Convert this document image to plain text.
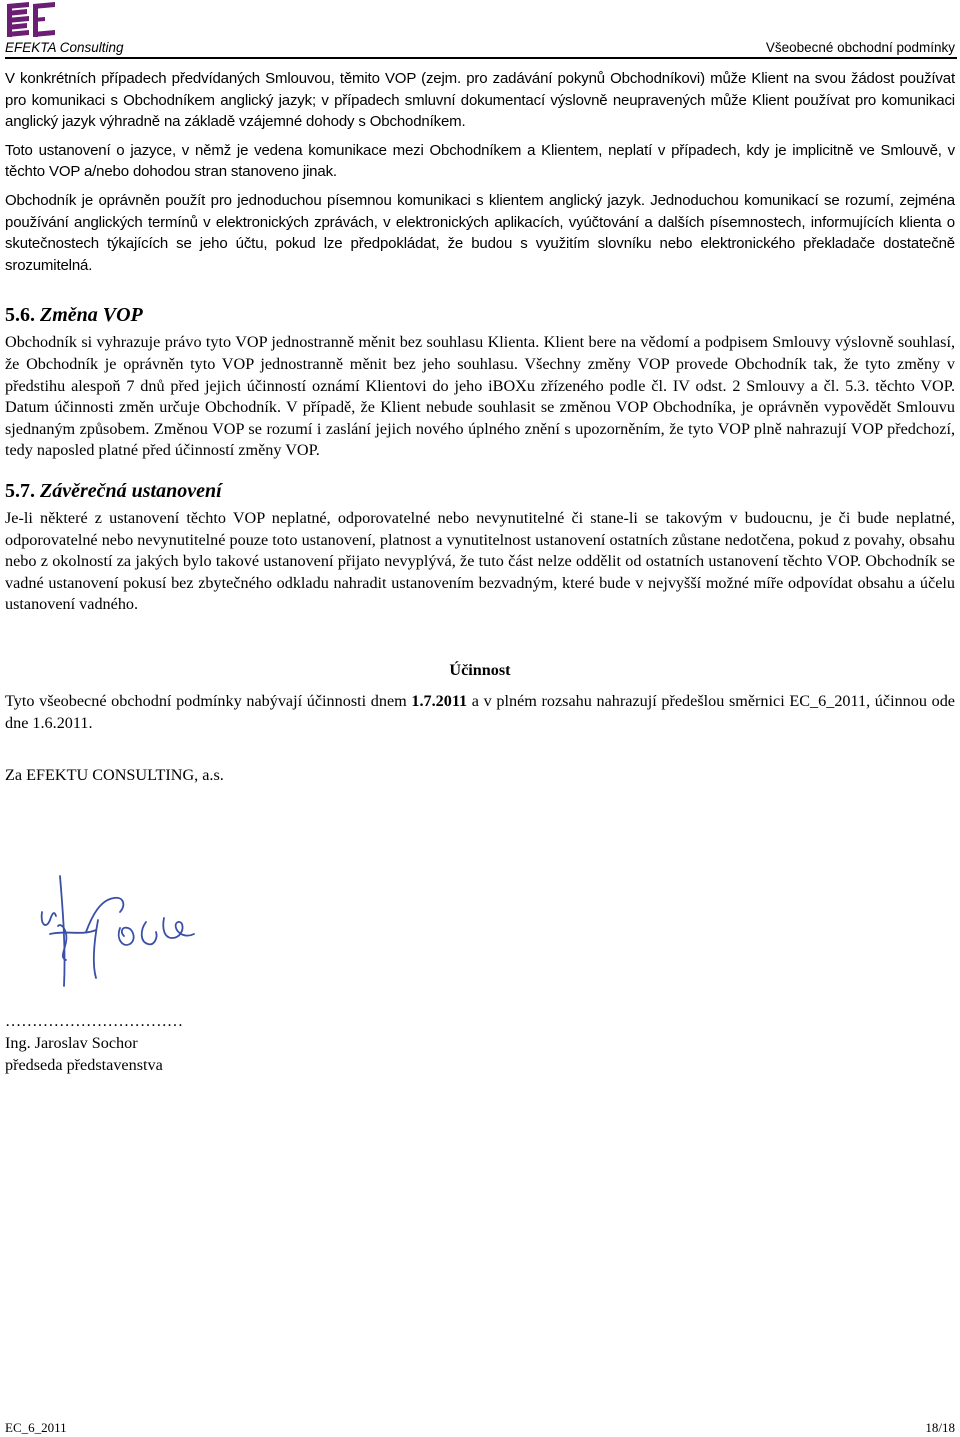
EFEKTA Consulting	Všeobecné obchodní podmínky

V konkrétních případech předvídaných Smlouvou, těmito VOP (zejm. pro zadávání pokynů Obchodníkovi) může Klient na svou žádost používat pro komunikaci s Obchodníkem anglický jazyk; v případech smluvní dokumentací výslovně neupravených může Klient používat pro komunikaci anglický jazyk výhradně na základě vzájemné dohody s Obchodníkem.

Toto ustanovení o jazyce, v němž je vedena komunikace mezi Obchodníkem a Klientem, neplatí v případech, kdy je implicitně ve Smlouvě, v těchto VOP a/nebo dohodou stran stanoveno jinak.

Obchodník je oprávněn použít pro jednoduchou písemnou komunikaci s klientem anglický jazyk. Jednoduchou komunikací se rozumí, zejména používání anglických termínů v elektronických zprávách, v elektronických aplikacích, vyúčtování a dalších písemnostech, informujících klienta o skutečnostech týkajících se jeho účtu, pokud lze předpokládat, že budou s využitím slovníku nebo elektronického překladače dostatečně srozumitelná.

5.6. Změna VOP

Obchodník si vyhrazuje právo tyto VOP jednostranně měnit bez souhlasu Klienta. Klient bere na vědomí a podpisem Smlouvy výslovně souhlasí, že Obchodník je oprávněn tyto VOP jednostranně měnit bez jeho souhlasu. Všechny změny VOP provede Obchodník tak, že tyto změny v předstihu alespoň 7 dnů před jejich účinností oznámí Klientovi do jeho iBOXu zřízeného podle čl. IV odst. 2 Smlouvy a čl. 5.3. těchto VOP. Datum účinnosti změn určuje Obchodník. V případě, že Klient nebude souhlasit se změnou VOP Obchodníka, je oprávněn vypovědět Smlouvu sjednaným způsobem. Změnou VOP se rozumí i zaslání jejich nového úplného znění s upozorněním, že tyto VOP plně nahrazují VOP předchozí, tedy naposled platné před účinností změny VOP.

5.7. Závěrečná ustanovení

Je-li některé z ustanovení těchto VOP neplatné, odporovatelné nebo nevynutitelné či stane-li se takovým v budoucnu, je či bude neplatné, odporovatelné nebo nevynutitelné pouze toto ustanovení, platnost a vynutitelnost ustanovení ostatních zůstane nedotčena, pokud z povahy, obsahu nebo z okolností za jakých bylo takové ustanovení přijato nevyplývá, že tuto část nelze oddělit od ostatních ustanovení těchto VOP. Obchodník se vadné ustanovení pokusí bez zbytečného odkladu nahradit ustanovením bezvadným, které bude v nejvyšší možné míře odpovídat obsahu a účelu ustanovení vadného.

Účinnost

Tyto všeobecné obchodní podmínky nabývají účinnosti dnem 1.7.2011 a v plném rozsahu nahrazují předešlou směrnici EC_6_2011, účinnou ode dne 1.6.2011.

Za EFEKTU CONSULTING, a.s.
……………………………
Ing. Jaroslav Sochor
předseda představenstva
EC_6_2011	18/18
